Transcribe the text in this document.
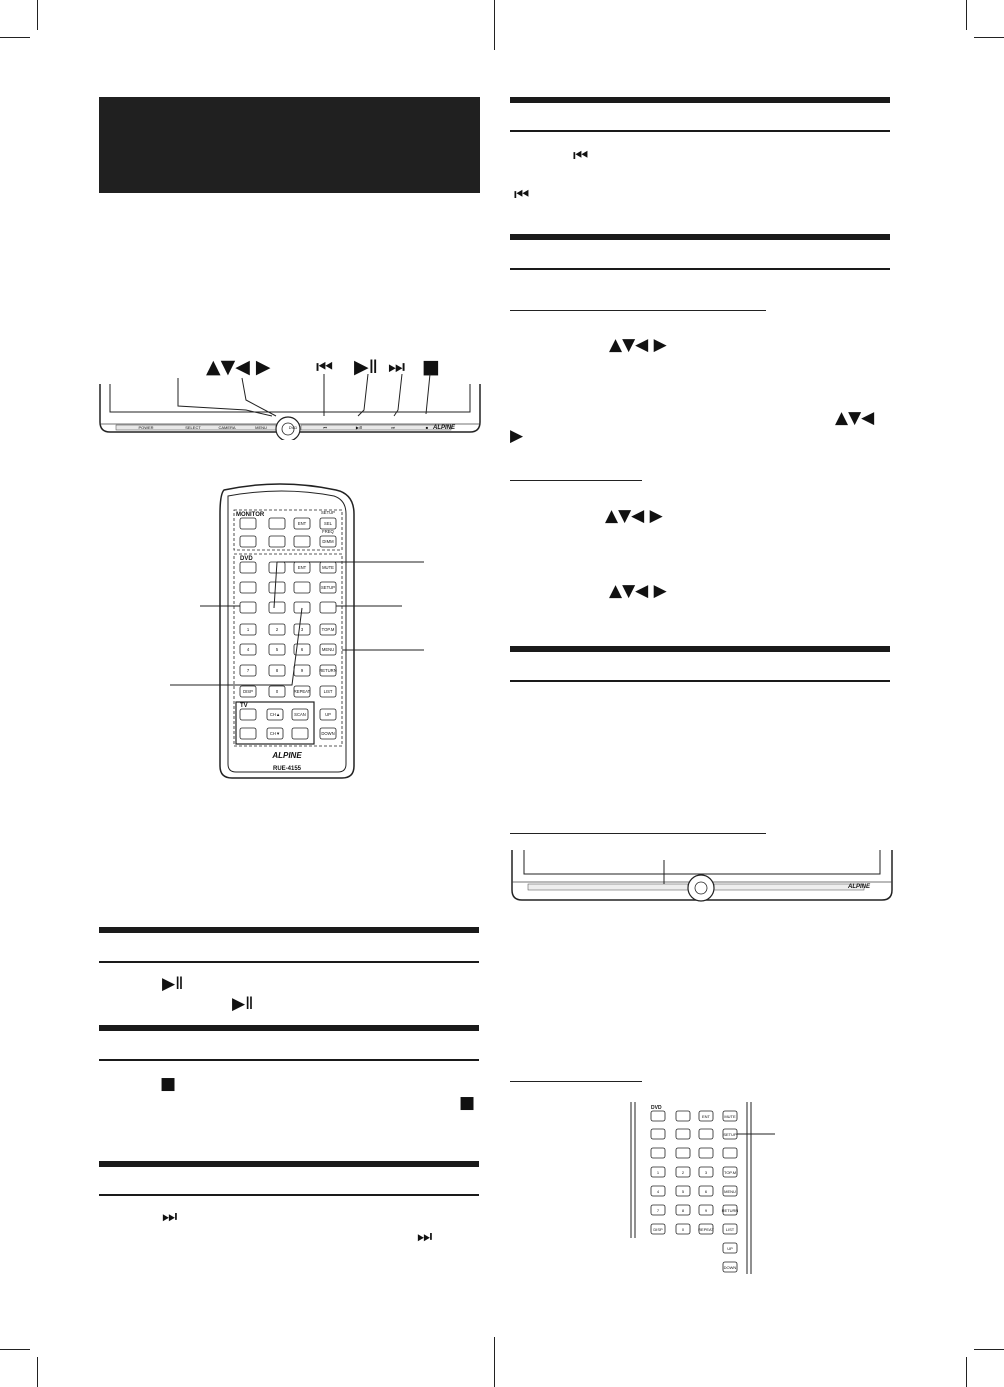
▲▼◀ ▶ ⏮ ▶Ⅱ ⏭ ■
ALPINE
POWER	SELECT	CAMERA	MENU	DVD	⏮	▶/Ⅱ	⏭	■
MONITOR
DVD
TV
ENT
SETUP
SEL
FREQ
DIMM
ENT	MUTE
SETUP
TOP.M
MENU
RETURN
LIST
DISP	REPEAT
CH▲	SCAN	UP
CH▼	DOWN
1	2	3
4	5	6
7	8	9
0
ALPINE
RUE-4155
▶Ⅱ
▶Ⅱ
■
■
⏭
⏭
⏮
⏮
▲▼◀ ▶
▲▼◀
▶
▲▼◀ ▶
▲▼◀ ▶
ALPINE
DVD
ENT	MUTE
SETUP
TOP.M
MENU
RETURN
LIST
UP
DOWN
DISP	REPEAT
1	2	3
4	5	6
7	8	9
0
